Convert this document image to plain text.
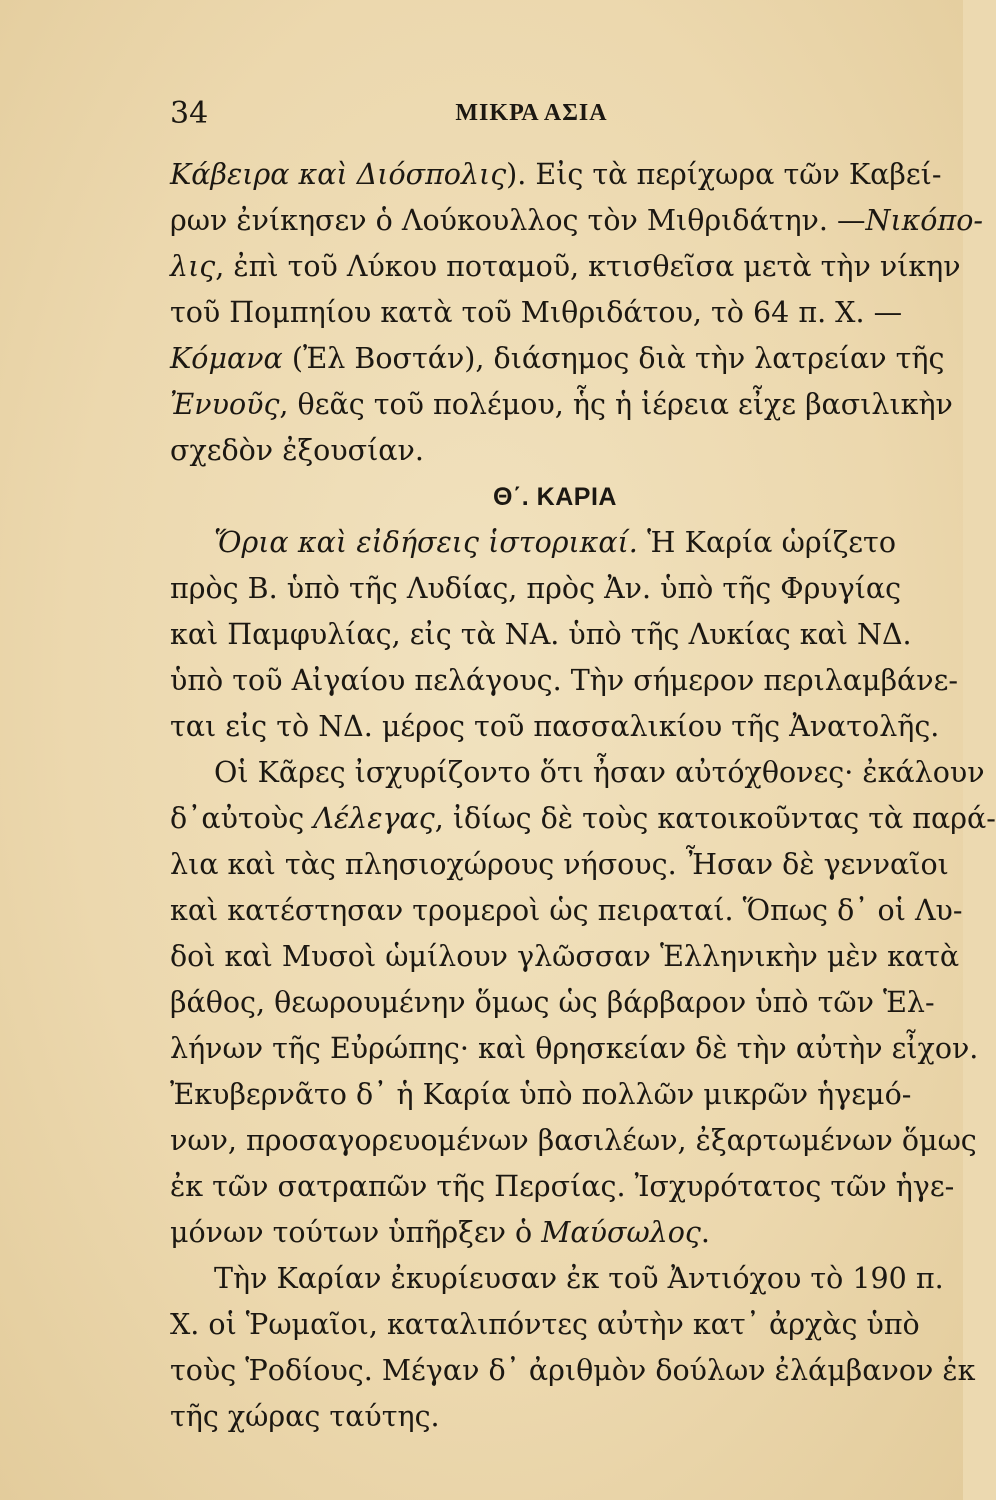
34	ΜΙΚΡΑ ΑΣΙΑ
Κάβειρα καὶ Διόσπολις). Εἰς τὰ περίχωρα τῶν Καβεί-
ρων ἐνίκησεν ὁ Λούκουλλος τὸν Μιθριδάτην. —Νικόπο-
λις, ἐπὶ τοῦ Λύκου ποταμοῦ, κτισθεῖσα μετὰ τὴν νίκην
τοῦ Πομπηίου κατὰ τοῦ Μιθριδάτου, τὸ 64 π. Χ. —
Κόμανα (Ἐλ Βοστάν), διάσημος διὰ τὴν λατρείαν τῆς
Ἐνυοῦς, θεᾶς τοῦ πολέμου, ἧς ἡ ἱέρεια εἶχε βασιλικὴν
σχεδὸν ἐξουσίαν.
Θ΄. ΚΑΡΙΑ
Ὅρια καὶ εἰδήσεις ἱστορικαί. Ἡ Καρία ὡρίζετο
πρὸς Β. ὑπὸ τῆς Λυδίας, πρὸς Ἀν. ὑπὸ τῆς Φρυγίας
καὶ Παμφυλίας, εἰς τὰ ΝΑ. ὑπὸ τῆς Λυκίας καὶ ΝΔ.
ὑπὸ τοῦ Αἰγαίου πελάγους. Τὴν σήμερον περιλαμβάνε-
ται εἰς τὸ ΝΔ. μέρος τοῦ πασσαλικίου τῆς Ἀνατολῆς.
Οἱ Κᾶρες ἰσχυρίζοντο ὅτι ἦσαν αὐτόχθονες· ἐκάλουν
δ᾽αὐτοὺς Λέλεγας, ἰδίως δὲ τοὺς κατοικοῦντας τὰ παρά-
λια καὶ τὰς πλησιοχώρους νήσους. Ἦσαν δὲ γενναῖοι
καὶ κατέστησαν τρομεροὶ ὡς πειραταί. Ὅπως δ᾽ οἱ Λυ-
δοὶ καὶ Μυσοὶ ὡμίλουν γλῶσσαν Ἑλληνικὴν μὲν κατὰ
βάθος, θεωρουμένην ὅμως ὡς βάρβαρον ὑπὸ τῶν Ἑλ-
λήνων τῆς Εὐρώπης· καὶ θρησκείαν δὲ τὴν αὐτὴν εἶχον.
Ἐκυβερνᾶτο δ᾽ ἡ Καρία ὑπὸ πολλῶν μικρῶν ἡγεμό-
νων, προσαγορευομένων βασιλέων, ἐξαρτωμένων ὅμως
ἐκ τῶν σατραπῶν τῆς Περσίας. Ἰσχυρότατος τῶν ἡγε-
μόνων τούτων ὑπῆρξεν ὁ Μαύσωλος.
Τὴν Καρίαν ἐκυρίευσαν ἐκ τοῦ Ἀντιόχου τὸ 190 π.
Χ. οἱ Ῥωμαῖοι, καταλιπόντες αὐτὴν κατ᾽ ἀρχὰς ὑπὸ
τοὺς Ῥοδίους. Μέγαν δ᾽ ἀριθμὸν δούλων ἐλάμβανον ἐκ
τῆς χώρας ταύτης.
